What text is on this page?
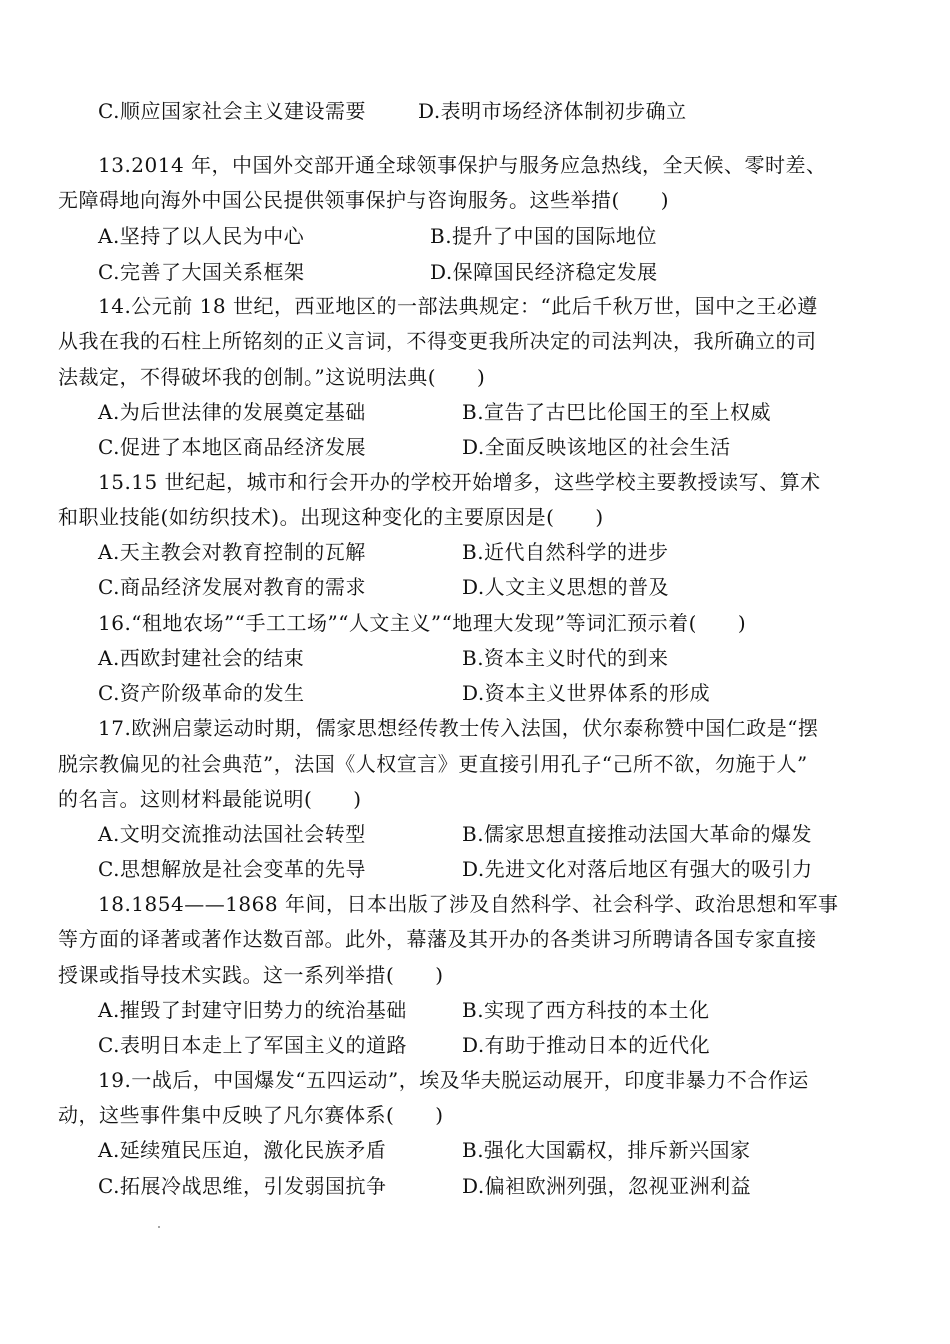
C.顺应国家社会主义建设需要	D.表明市场经济体制初步确立
13.2014 年，中国外交部开通全球领事保护与服务应急热线，全天候、零时差、
无障碍地向海外中国公民提供领事保护与咨询服务。这些举措(　　)
A.坚持了以人民为中心	B.提升了中国的国际地位
C.完善了大国关系框架	D.保障国民经济稳定发展
14.公元前 18 世纪，西亚地区的一部法典规定：“此后千秋万世，国中之王必遵
从我在我的石柱上所铭刻的正义言词，不得变更我所决定的司法判决，我所确立的司
法裁定，不得破坏我的创制。”这说明法典(　　)
A.为后世法律的发展奠定基础	B.宣告了古巴比伦国王的至上权威
C.促进了本地区商品经济发展	D.全面反映该地区的社会生活
15.15 世纪起，城市和行会开办的学校开始增多，这些学校主要教授读写、算术
和职业技能(如纺织技术)。出现这种变化的主要原因是(　　)
A.天主教会对教育控制的瓦解	B.近代自然科学的进步
C.商品经济发展对教育的需求	D.人文主义思想的普及
16.“租地农场”“手工工场”“人文主义”“地理大发现”等词汇预示着(　　)
A.西欧封建社会的结束	B.资本主义时代的到来
C.资产阶级革命的发生	D.资本主义世界体系的形成
17.欧洲启蒙运动时期，儒家思想经传教士传入法国，伏尔泰称赞中国仁政是“摆
脱宗教偏见的社会典范”，法国《人权宣言》更直接引用孔子“己所不欲，勿施于人”
的名言。这则材料最能说明(　　)
A.文明交流推动法国社会转型	B.儒家思想直接推动法国大革命的爆发
C.思想解放是社会变革的先导	D.先进文化对落后地区有强大的吸引力
18.1854——1868 年间，日本出版了涉及自然科学、社会科学、政治思想和军事
等方面的译著或著作达数百部。此外，幕藩及其开办的各类讲习所聘请各国专家直接
授课或指导技术实践。这一系列举措(　　)
A.摧毁了封建守旧势力的统治基础	B.实现了西方科技的本土化
C.表明日本走上了军国主义的道路	D.有助于推动日本的近代化
19.一战后，中国爆发“五四运动”，埃及华夫脱运动展开，印度非暴力不合作运
动，这些事件集中反映了凡尔赛体系(　　)
A.延续殖民压迫，激化民族矛盾	B.强化大国霸权，排斥新兴国家
C.拓展冷战思维，引发弱国抗争	D.偏袒欧洲列强，忽视亚洲利益
